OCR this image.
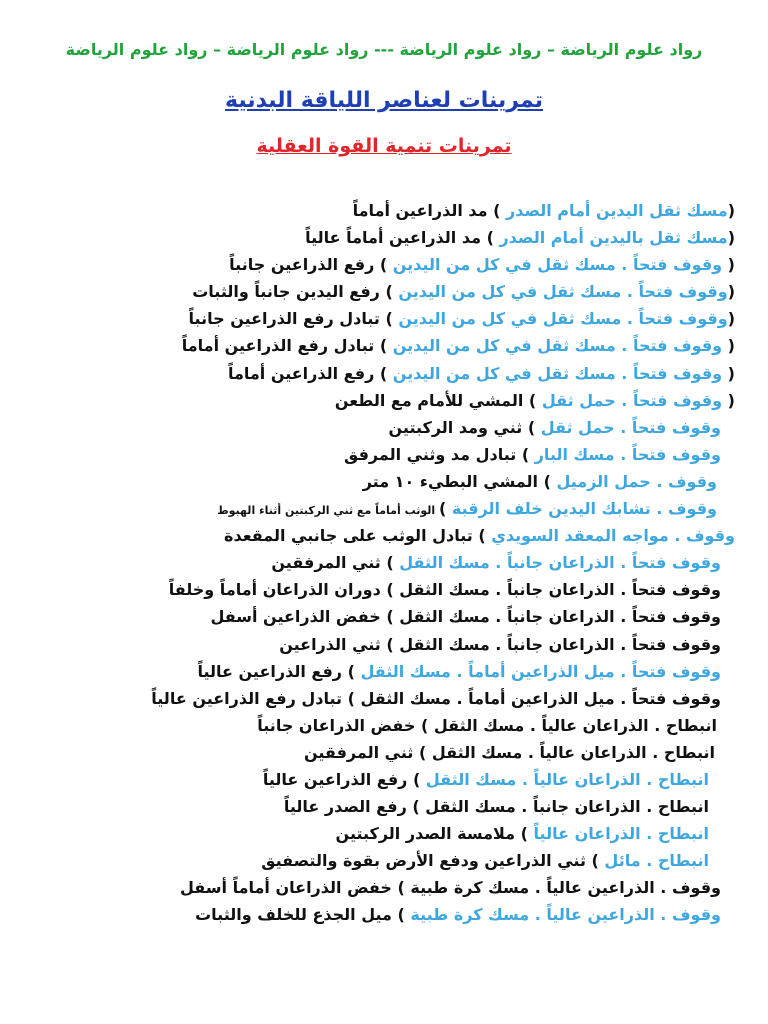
رواد علوم الرياضة – رواد علوم الرياضة --- رواد علوم الرياضة – رواد علوم الرياضة
تمرينات لعناصر اللياقة البدنية
تمرينات تنمية القوة العقلية
(مسك ثقل اليدين أمام الصدر ) مد الذراعين أماماً
(مسك ثقل باليدين أمام الصدر ) مد الذراعين أماماً عالياً
( وقوف فتحاً . مسك ثقل في كل من اليدين ) رفع الذراعين جانباً
(وقوف فتحاً . مسك ثقل في كل من اليدين ) رفع اليدين جانباً والثبات
(وقوف فتحاً . مسك ثقل في كل من اليدين ) تبادل رفع الذراعين جانباً
( وقوف فتحاً . مسك ثقل في كل من اليدين ) تبادل رفع الذراعين أماماً
( وقوف فتحاً . مسك ثقل في كل من اليدين ) رفع الذراعين أماماً
( وقوف فتحاً . حمل ثقل ) المشي للأمام مع الطعن
وقوف فتحاً . حمل ثقل ) ثني ومد الركبتين
وقوف فتحاً . مسك البار ) تبادل مد وثني المرفق
وقوف . حمل الزميل ) المشي البطيء ١٠ متر
وقوف . تشابك اليدين خلف الرقبة ) الوثب أماماً مع ثني الركبتين أثناء الهبوط
وقوف . مواجه المعقد السويدي ) تبادل الوثب على جانبي المقعدة
وقوف فتحاً . الذراعان جانباً . مسك الثقل ) ثني المرفقين
وقوف فتحاً . الذراعان جانباً . مسك الثقل ) دوران الذراعان أماماً وخلفاً
وقوف فتحاً . الذراعان جانباً . مسك الثقل ) خفض الذراعين أسفل
وقوف فتحاً . الذراعان جانباً . مسك الثقل ) ثني الذراعين
وقوف فتحاً . ميل الذراعين أماماً . مسك الثقل ) رفع الذراعين عالياً
وقوف فتحاً . ميل الذراعين أماماً . مسك الثقل ) تبادل رفع الذراعين عالياً
انبطاح . الذراعان عالياً . مسك الثقل ) خفض الذراعان جانباً
انبطاح . الذراعان عالياً . مسك الثقل ) ثني المرفقين
انبطاح . الذراعان عالياً . مسك الثقل ) رفع الذراعين عالياً
انبطاح . الذراعان جانباً . مسك الثقل ) رفع الصدر عالياً
انبطاح . الذراعان عالياً ) ملامسة الصدر الركبتين
انبطاح . مائل ) ثني الذراعين ودفع الأرض بقوة والتصفيق
وقوف . الذراعين عالياً . مسك كرة طبية ) خفض الذراعان أماماً أسفل
وقوف . الذراعين عالياً . مسك كرة طبية ) ميل الجذع للخلف والثبات
